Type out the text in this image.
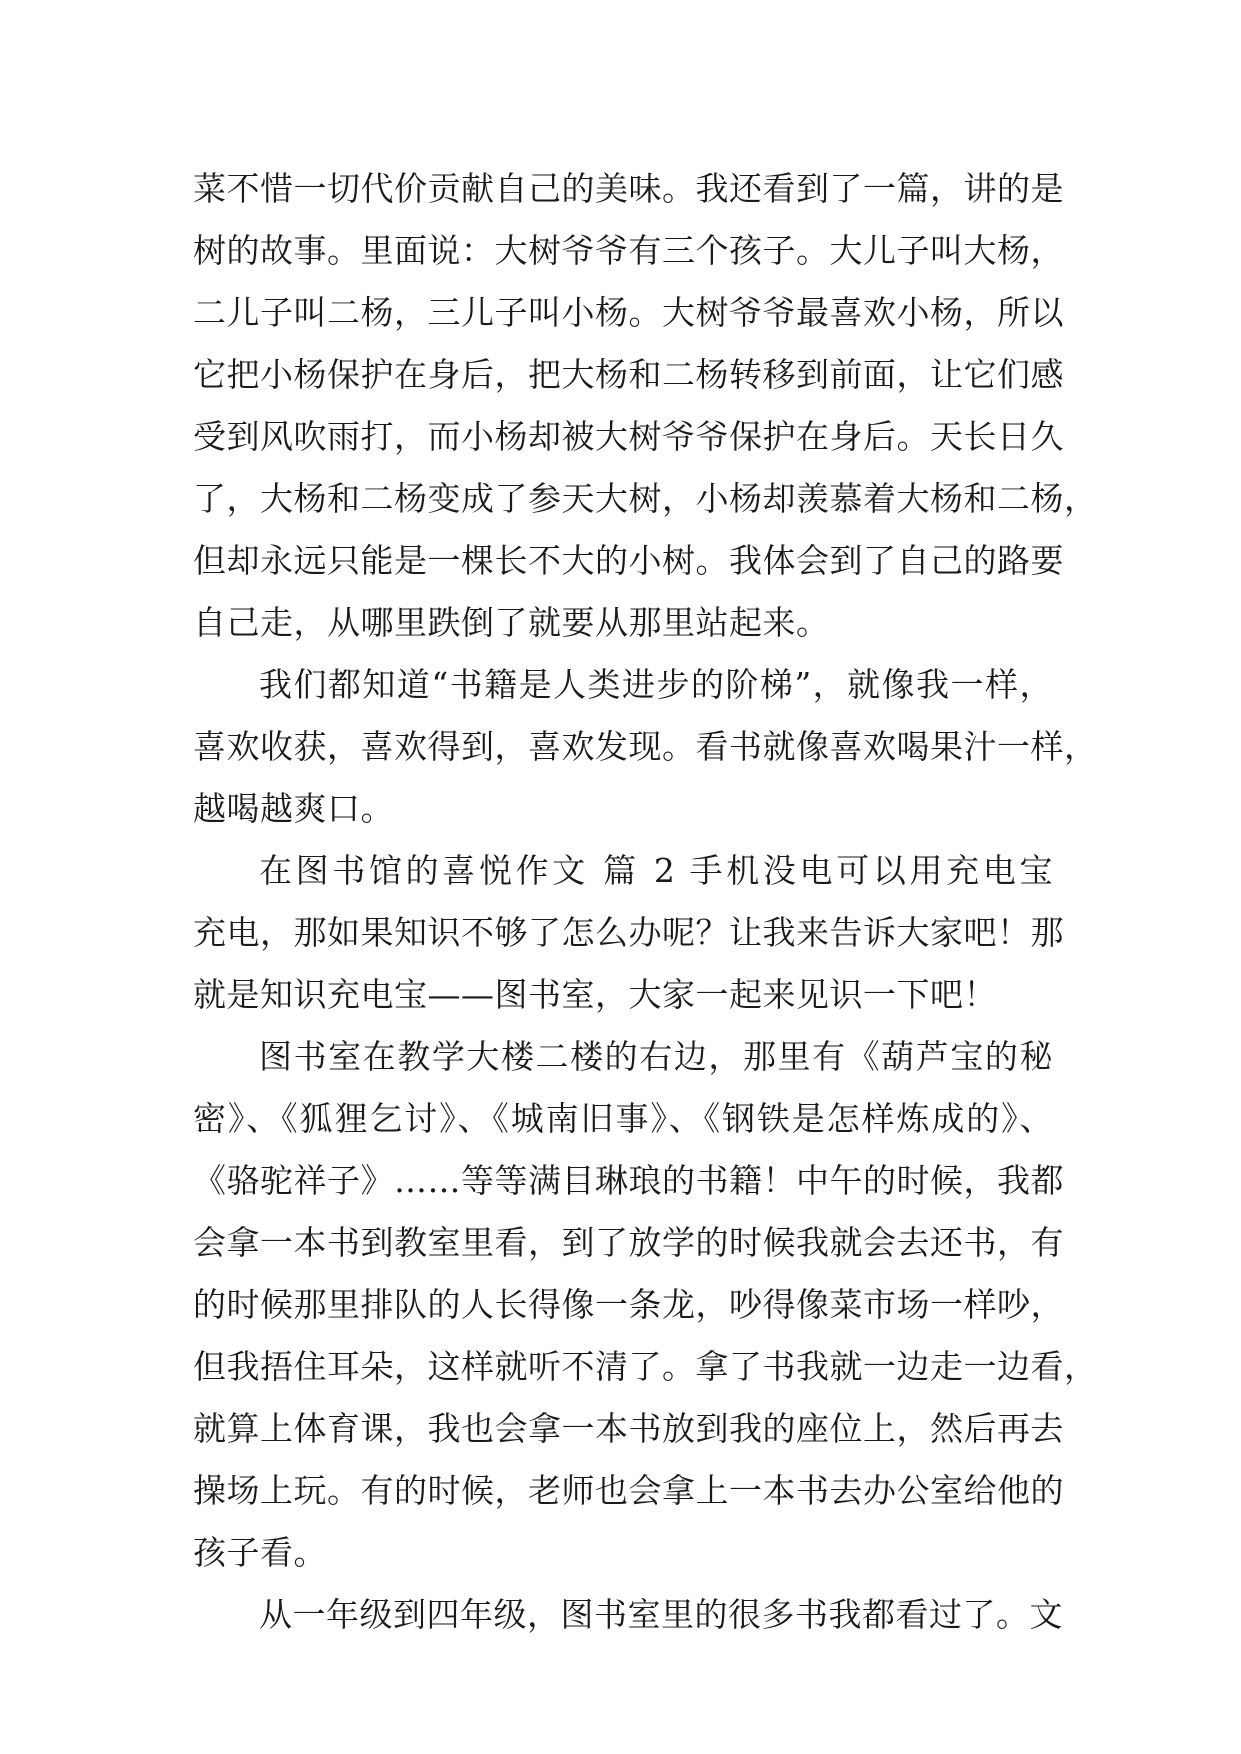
菜不惜一切代价贡献自己的美味。我还看到了一篇，讲的是
树的故事。里面说：大树爷爷有三个孩子。大儿子叫大杨，
二儿子叫二杨，三儿子叫小杨。大树爷爷最喜欢小杨，所以
它把小杨保护在身后，把大杨和二杨转移到前面，让它们感
受到风吹雨打，而小杨却被大树爷爷保护在身后。天长日久
了，大杨和二杨变成了参天大树，小杨却羡慕着大杨和二杨，
但却永远只能是一棵长不大的小树。我体会到了自己的路要
自己走，从哪里跌倒了就要从那里站起来。
我们都知道“书籍是人类进步的阶梯”，就像我一样，
喜欢收获，喜欢得到，喜欢发现。看书就像喜欢喝果汁一样，
越喝越爽口。
在图书馆的喜悦作文 篇 2 手机没电可以用充电宝
充电，那如果知识不够了怎么办呢？让我来告诉大家吧！那
就是知识充电宝——图书室，大家一起来见识一下吧！
图书室在教学大楼二楼的右边，那里有《葫芦宝的秘
密》、《狐狸乞讨》、《城南旧事》、《钢铁是怎样炼成的》、
《骆驼祥子》……等等满目琳琅的书籍！中午的时候，我都
会拿一本书到教室里看，到了放学的时候我就会去还书，有
的时候那里排队的人长得像一条龙，吵得像菜市场一样吵，
但我捂住耳朵，这样就听不清了。拿了书我就一边走一边看，
就算上体育课，我也会拿一本书放到我的座位上，然后再去
操场上玩。有的时候，老师也会拿上一本书去办公室给他的
孩子看。
从一年级到四年级，图书室里的很多书我都看过了。文
